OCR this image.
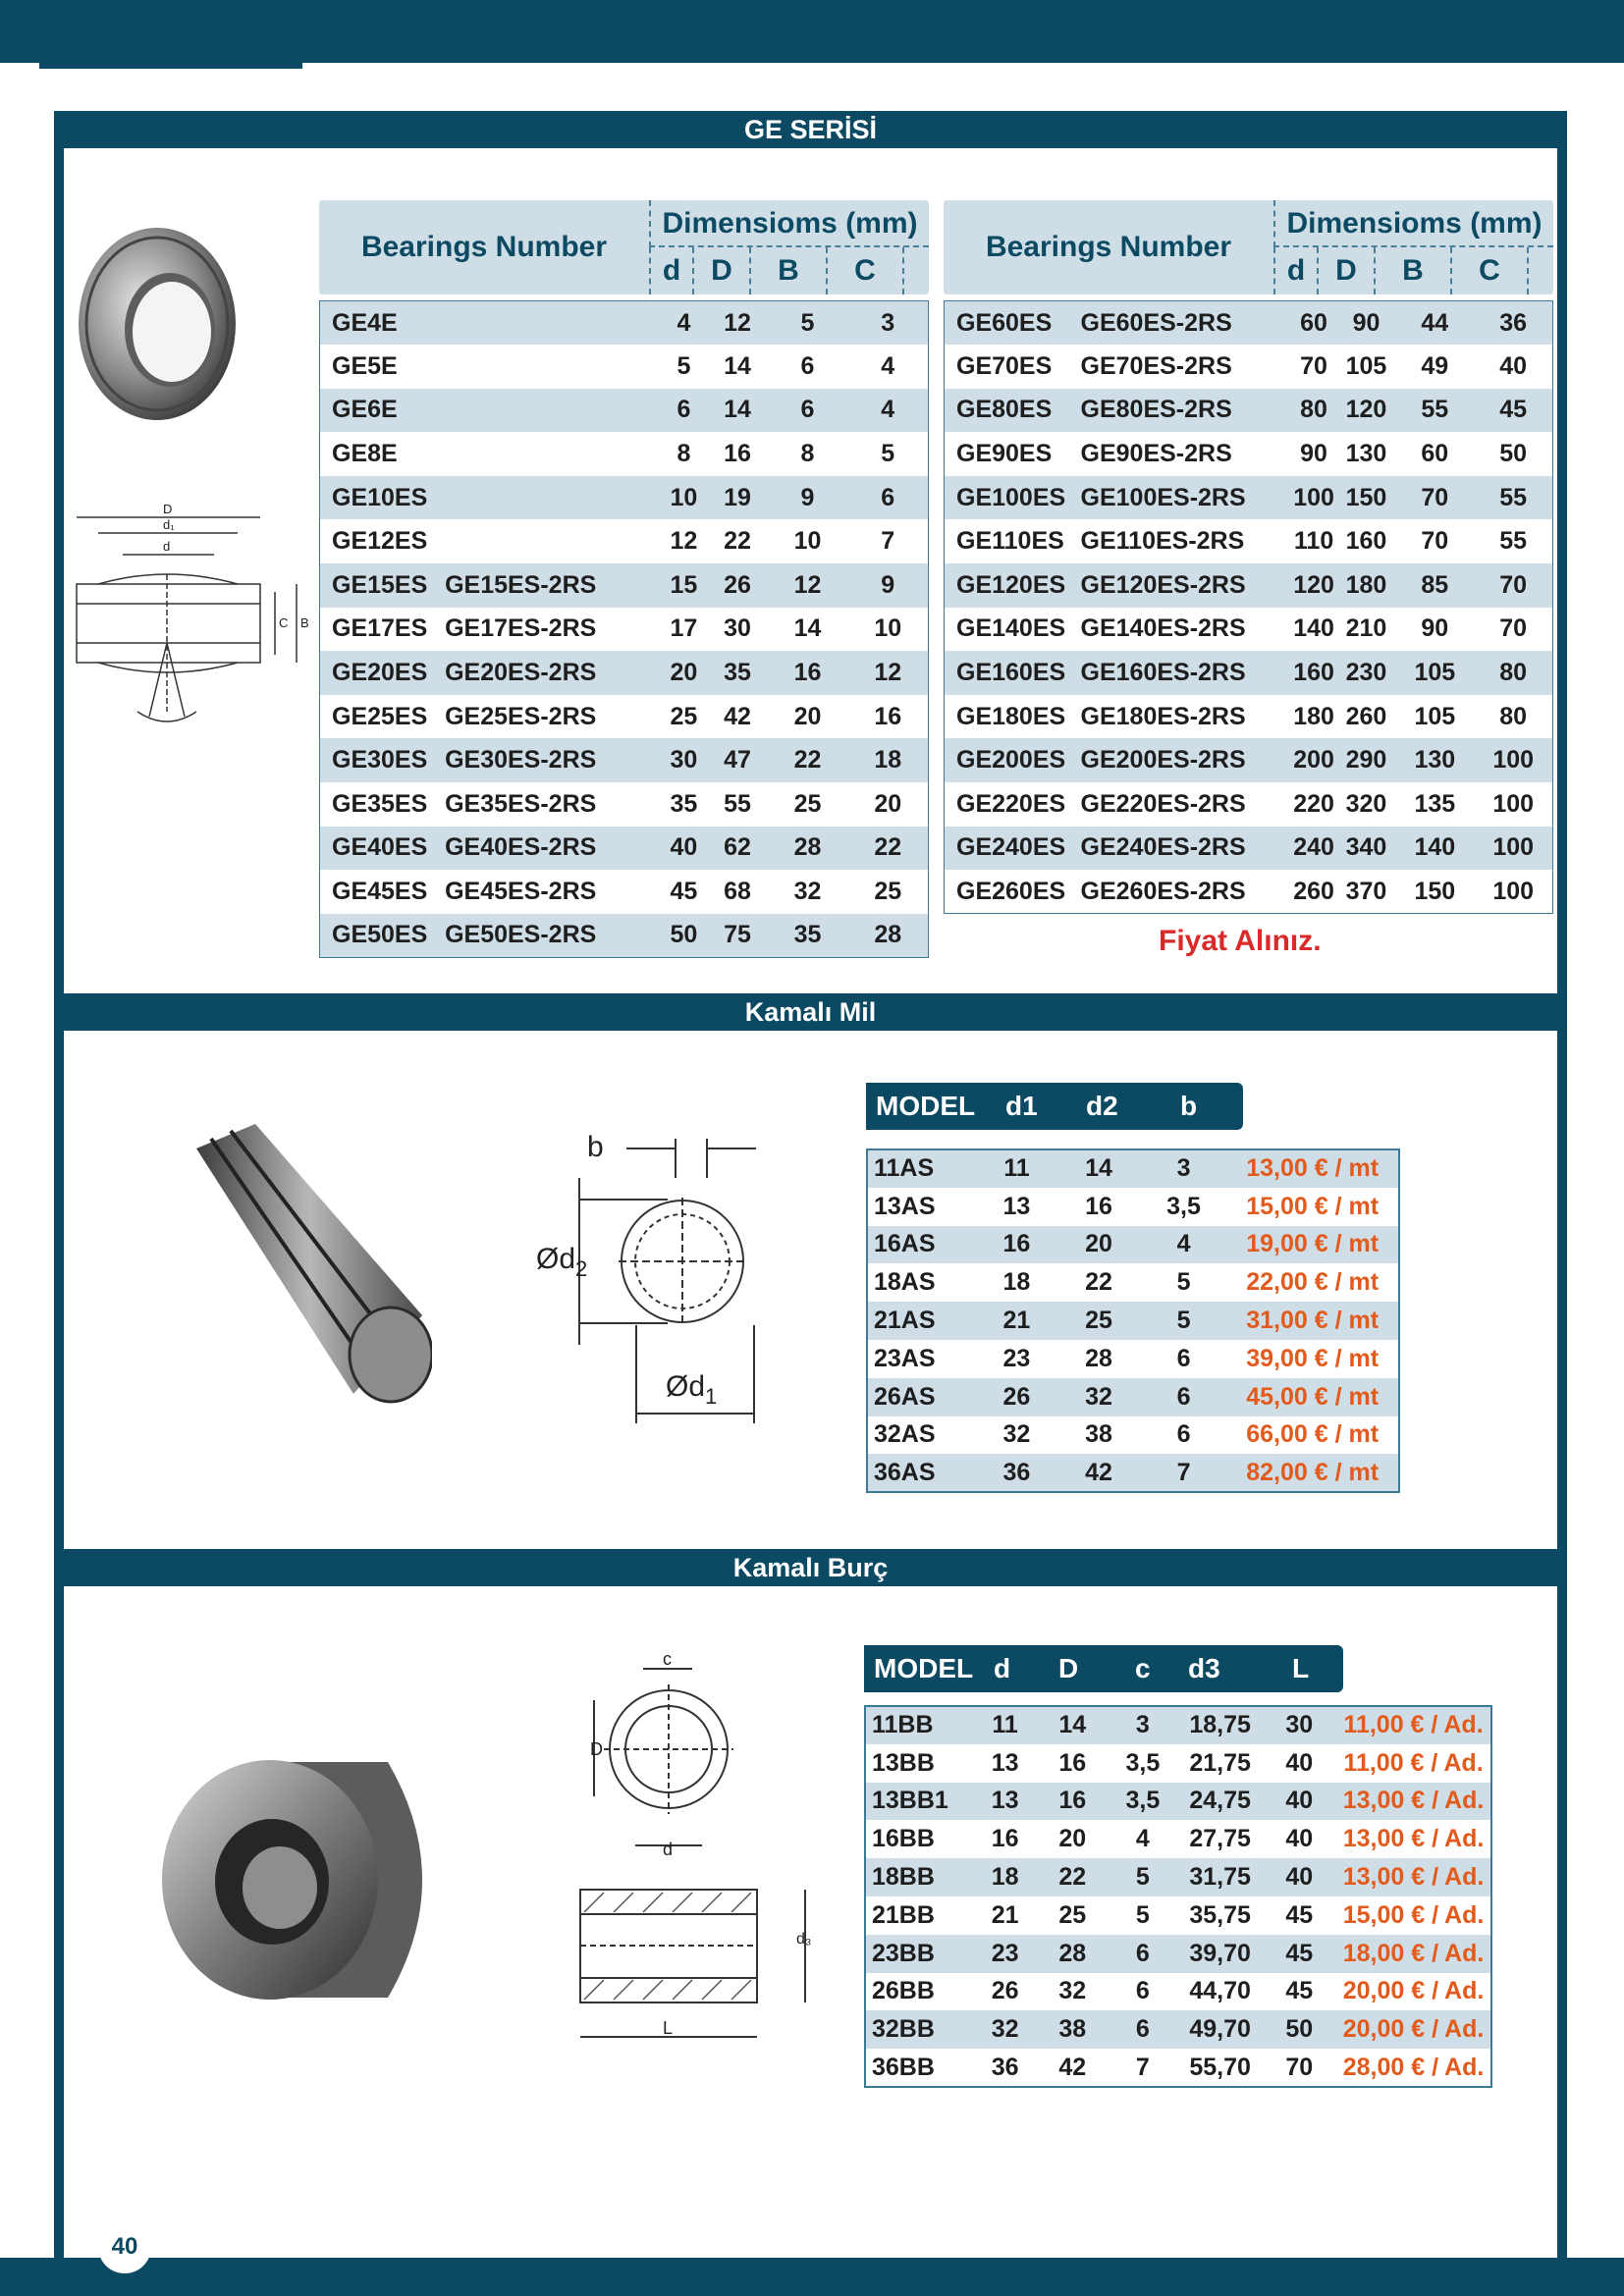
GE SERİSİ
D
d₁
d
C B
Bearings Number
Dimensioms (mm)
d	D	B	C
GE4E		4	12	5	3
GE5E		5	14	6	4
GE6E		6	14	6	4
GE8E		8	16	8	5
GE10ES		10	19	9	6
GE12ES		12	22	10	7
GE15ES	GE15ES-2RS	15	26	12	9
GE17ES	GE17ES-2RS	17	30	14	10
GE20ES	GE20ES-2RS	20	35	16	12
GE25ES	GE25ES-2RS	25	42	20	16
GE30ES	GE30ES-2RS	30	47	22	18
GE35ES	GE35ES-2RS	35	55	25	20
GE40ES	GE40ES-2RS	40	62	28	22
GE45ES	GE45ES-2RS	45	68	32	25
GE50ES	GE50ES-2RS	50	75	35	28
Bearings Number
Dimensioms (mm)
d	D	B	C
GE60ES	GE60ES-2RS	60	90	44	36
GE70ES	GE70ES-2RS	70	105	49	40
GE80ES	GE80ES-2RS	80	120	55	45
GE90ES	GE90ES-2RS	90	130	60	50
GE100ES	GE100ES-2RS	100	150	70	55
GE110ES	GE110ES-2RS	110	160	70	55
GE120ES	GE120ES-2RS	120	180	85	70
GE140ES	GE140ES-2RS	140	210	90	70
GE160ES	GE160ES-2RS	160	230	105	80
GE180ES	GE180ES-2RS	180	260	105	80
GE200ES	GE200ES-2RS	200	290	130	100
GE220ES	GE220ES-2RS	220	320	135	100
GE240ES	GE240ES-2RS	240	340	140	100
GE260ES	GE260ES-2RS	260	370	150	100
Fiyat Alınız.
Kamalı Mil
b
$Ød_2$
$Ød_1$
MODEL d1 d2 b
11AS	11	14	3	13,00 € / mt
13AS	13	16	3,5	15,00 € / mt
16AS	16	20	4	19,00 € / mt
18AS	18	22	5	22,00 € / mt
21AS	21	25	5	31,00 € / mt
23AS	23	28	6	39,00 € / mt
26AS	26	32	6	45,00 € / mt
32AS	32	38	6	66,00 € / mt
36AS	36	42	7	82,00 € / mt
Kamalı Burç
c
D
d
d₃
L
MODEL d D c d3	L
11BB	11	14	3	18,75	30	11,00 € / Ad.
13BB	13	16	3,5	21,75	40	11,00 € / Ad.
13BB1	13	16	3,5	24,75	40	13,00 € / Ad.
16BB	16	20	4	27,75	40	13,00 € / Ad.
18BB	18	22	5	31,75	40	13,00 € / Ad.
21BB	21	25	5	35,75	45	15,00 € / Ad.
23BB	23	28	6	39,70	45	18,00 € / Ad.
26BB	26	32	6	44,70	45	20,00 € / Ad.
32BB	32	38	6	49,70	50	20,00 € / Ad.
36BB	36	42	7	55,70	70	28,00 € / Ad.
40
